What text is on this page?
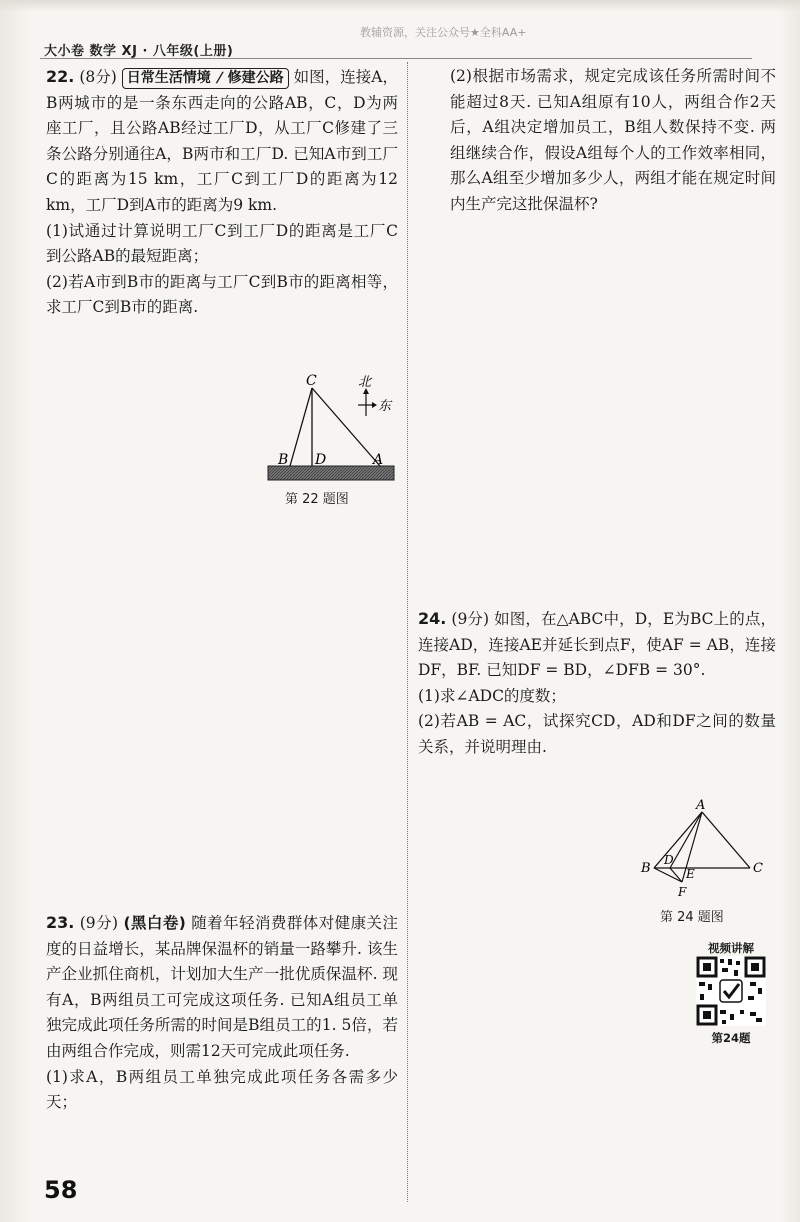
教辅资源，关注公众号★全科AA+
大小卷 数学 XJ · 八年级(上册)
22. (8分) 日常生活情境 / 修建公路 如图，连接A，B两城市的是一条东西走向的公路AB，C，D为两座工厂，且公路AB经过工厂D，从工厂C修建了三条公路分别通往A，B两市和工厂D. 已知A市到工厂C的距离为15 km，工厂C到工厂D的距离为12 km，工厂D到A市的距离为9 km.
(1)试通过计算说明工厂C到工厂D的距离是工厂C到公路AB的最短距离；
(2)若A市到B市的距离与工厂C到B市的距离相等，求工厂C到B市的距离.
C
B D	A
北
东
第 22 题图
23. (9分) (黑白卷) 随着年轻消费群体对健康关注度的日益增长，某品牌保温杯的销量一路攀升. 该生产企业抓住商机，计划加大生产一批优质保温杯. 现有A，B两组员工可完成这项任务. 已知A组员工单独完成此项任务所需的时间是B组员工的1. 5倍，若由两组合作完成，则需12天可完成此项任务.
(1)求A，B两组员工单独完成此项任务各需多少天；
(2)根据市场需求，规定完成该任务所需时间不能超过8天. 已知A组原有10人，两组合作2天后，A组决定增加员工，B组人数保持不变. 两组继续合作，假设A组每个人的工作效率相同，那么A组至少增加多少人，两组才能在规定时间内生产完这批保温杯?
24. (9分) 如图，在△ABC中，D，E为BC上的点，连接AD，连接AE并延长到点F，使AF = AB，连接DF，BF. 已知DF = BD，∠DFB = 30°.
(1)求∠ADC的度数；
(2)若AB = AC，试探究CD，AD和DF之间的数量关系，并说明理由.
A
B	C
D
E
F
第 24 题图
视频讲解
第24题
58
